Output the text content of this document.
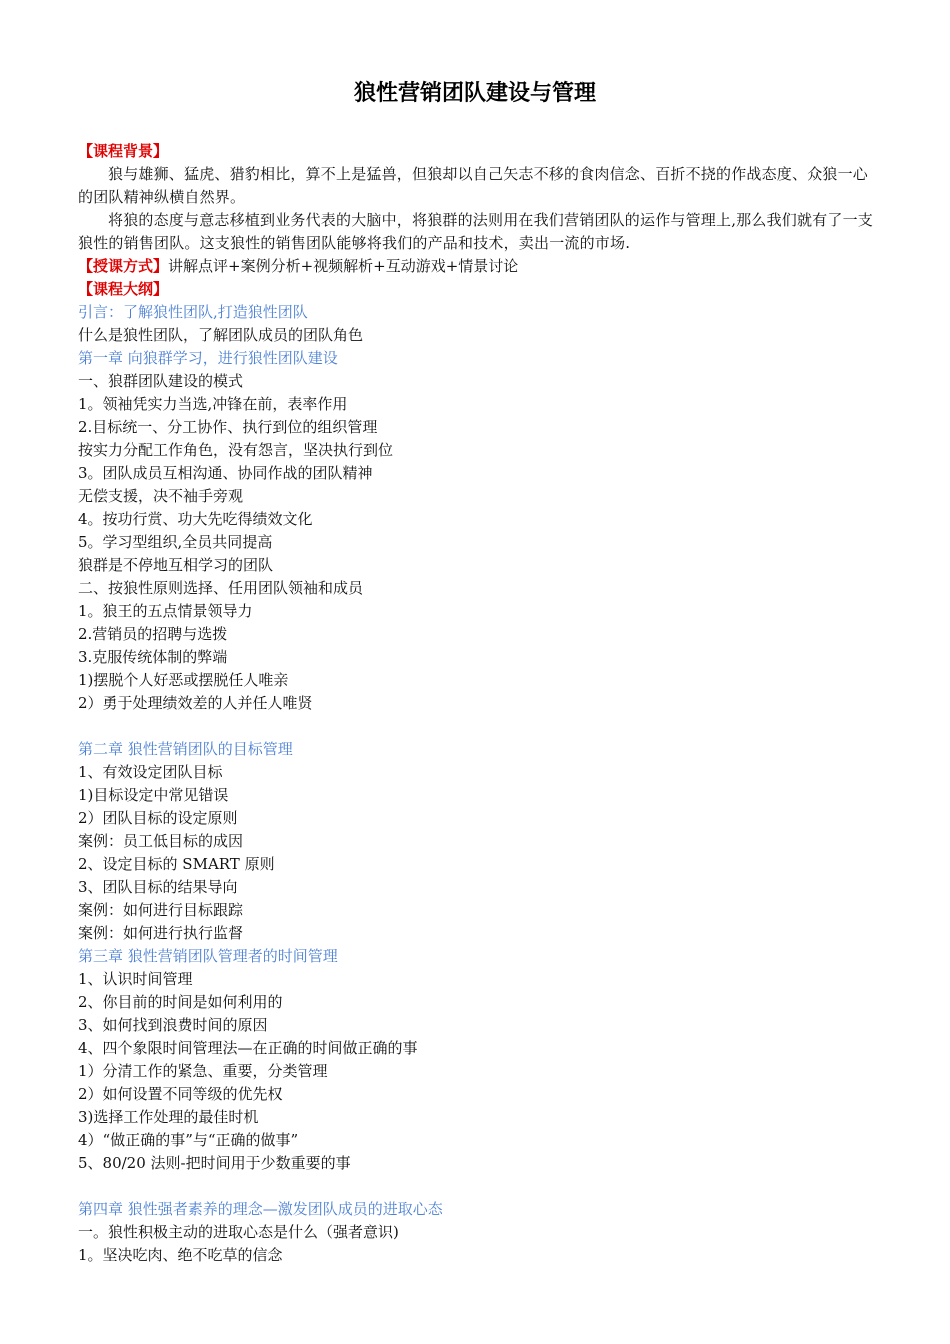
狼性营销团队建设与管理

【课程背景】

狼与雄狮、猛虎、猎豹相比，算不上是猛兽，但狼却以自己矢志不移的食肉信念、百折不挠的作战态度、众狼一心的团队精神纵横自然界。

将狼的态度与意志移植到业务代表的大脑中，将狼群的法则用在我们营销团队的运作与管理上,那么我们就有了一支狼性的销售团队。这支狼性的销售团队能够将我们的产品和技术，卖出一流的市场.

【授课方式】讲解点评+案例分析+视频解析+互动游戏+情景讨论

【课程大纲】

引言：了解狼性团队,打造狼性团队

什么是狼性团队，了解团队成员的团队角色

第一章 向狼群学习，进行狼性团队建设

一、狼群团队建设的模式

1。领袖凭实力当选,冲锋在前，表率作用

2.目标统一、分工协作、执行到位的组织管理

按实力分配工作角色，没有怨言，坚决执行到位

3。团队成员互相沟通、协同作战的团队精神

无偿支援，决不袖手旁观

4。按功行赏、功大先吃得绩效文化

5。学习型组织,全员共同提高

狼群是不停地互相学习的团队

二、按狼性原则选择、任用团队领袖和成员

1。狼王的五点情景领导力

2.营销员的招聘与选拨

3.克服传统体制的弊端

1)摆脱个人好恶或摆脱任人唯亲

2）勇于处理绩效差的人并任人唯贤

第二章 狼性营销团队的目标管理

1、有效设定团队目标

1)目标设定中常见错误

2）团队目标的设定原则

案例：员工低目标的成因

2、设定目标的 SMART 原则

3、团队目标的结果导向

案例：如何进行目标跟踪

案例：如何进行执行监督

第三章 狼性营销团队管理者的时间管理

1、认识时间管理

2、你目前的时间是如何利用的

3、如何找到浪费时间的原因

4、四个象限时间管理法—在正确的时间做正确的事

1）分清工作的紧急、重要，分类管理

2）如何设置不同等级的优先权

3)选择工作处理的最佳时机

4）“做正确的事”与“正确的做事”

5、80/20 法则-把时间用于少数重要的事

第四章 狼性强者素养的理念—激发团队成员的进取心态

一。狼性积极主动的进取心态是什么（强者意识)

1。坚决吃肉、绝不吃草的信念
